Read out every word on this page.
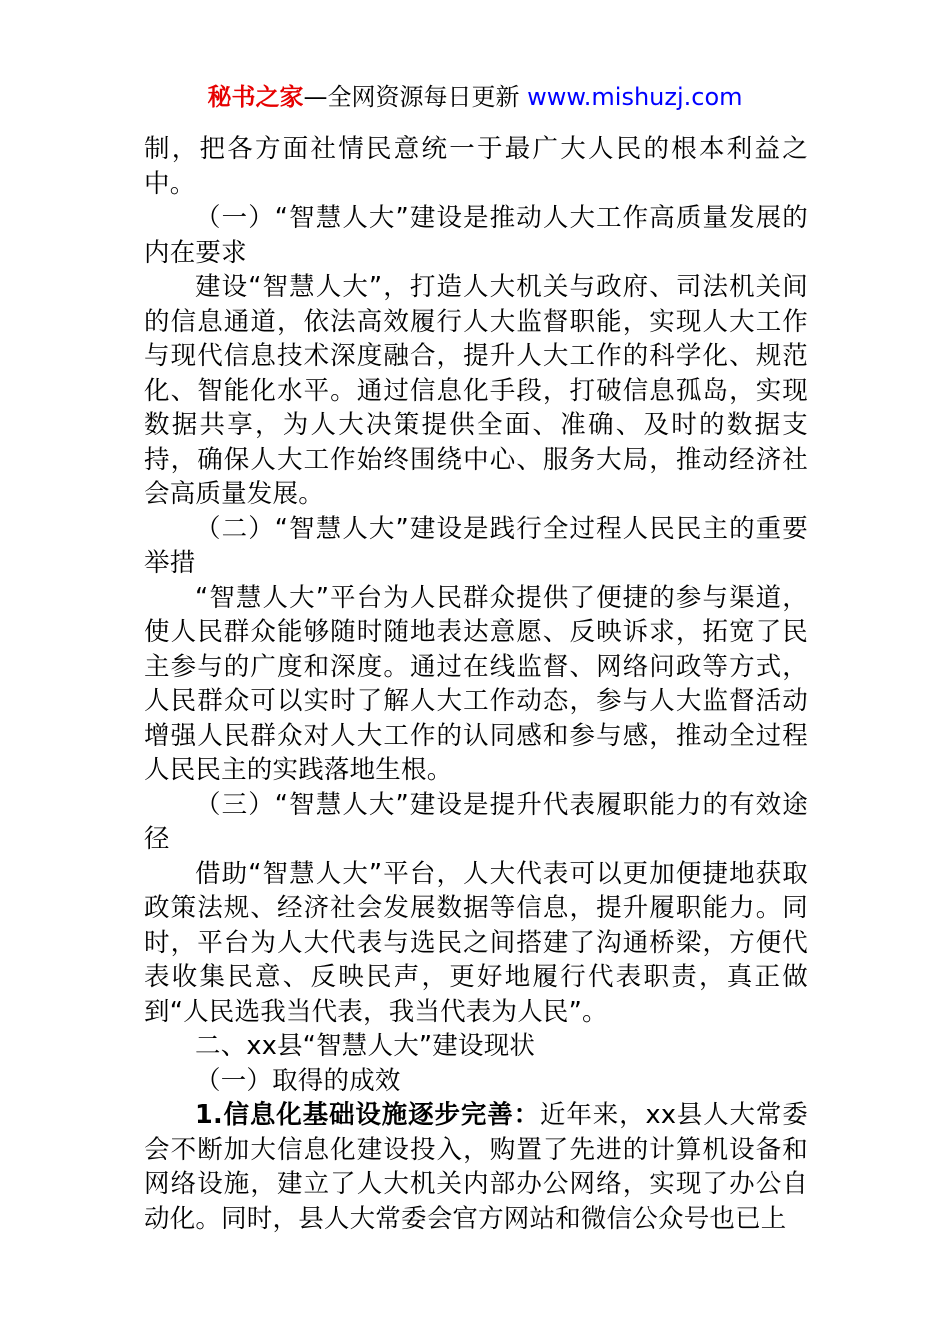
秘书之家—全网资源每日更新 www.mishuzj.com

制，把各方面社情民意统一于最广大人民的根本利益之中。

（一）“智慧人大”建设是推动人大工作高质量发展的内在要求

建设“智慧人大”，打造人大机关与政府、司法机关间的信息通道，依法高效履行人大监督职能，实现人大工作与现代信息技术深度融合，提升人大工作的科学化、规范化、智能化水平。通过信息化手段，打破信息孤岛，实现数据共享，为人大决策提供全面、准确、及时的数据支持，确保人大工作始终围绕中心、服务大局，推动经济社会高质量发展。

（二）“智慧人大”建设是践行全过程人民民主的重要举措

“智慧人大”平台为人民群众提供了便捷的参与渠道，使人民群众能够随时随地表达意愿、反映诉求，拓宽了民主参与的广度和深度。通过在线监督、网络问政等方式，人民群众可以实时了解人大工作动态，参与人大监督活动增强人民群众对人大工作的认同感和参与感，推动全过程人民民主的实践落地生根。

（三）“智慧人大”建设是提升代表履职能力的有效途径

借助“智慧人大”平台，人大代表可以更加便捷地获取政策法规、经济社会发展数据等信息，提升履职能力。同时，平台为人大代表与选民之间搭建了沟通桥梁，方便代表收集民意、反映民声，更好地履行代表职责，真正做到“人民选我当代表，我当代表为人民”。

二、xx县“智慧人大”建设现状

（一）取得的成效

1.信息化基础设施逐步完善：近年来，xx县人大常委会不断加大信息化建设投入，购置了先进的计算机设备和网络设施，建立了人大机关内部办公网络，实现了办公自动化。同时，县人大常委会官方网站和微信公众号也已上
